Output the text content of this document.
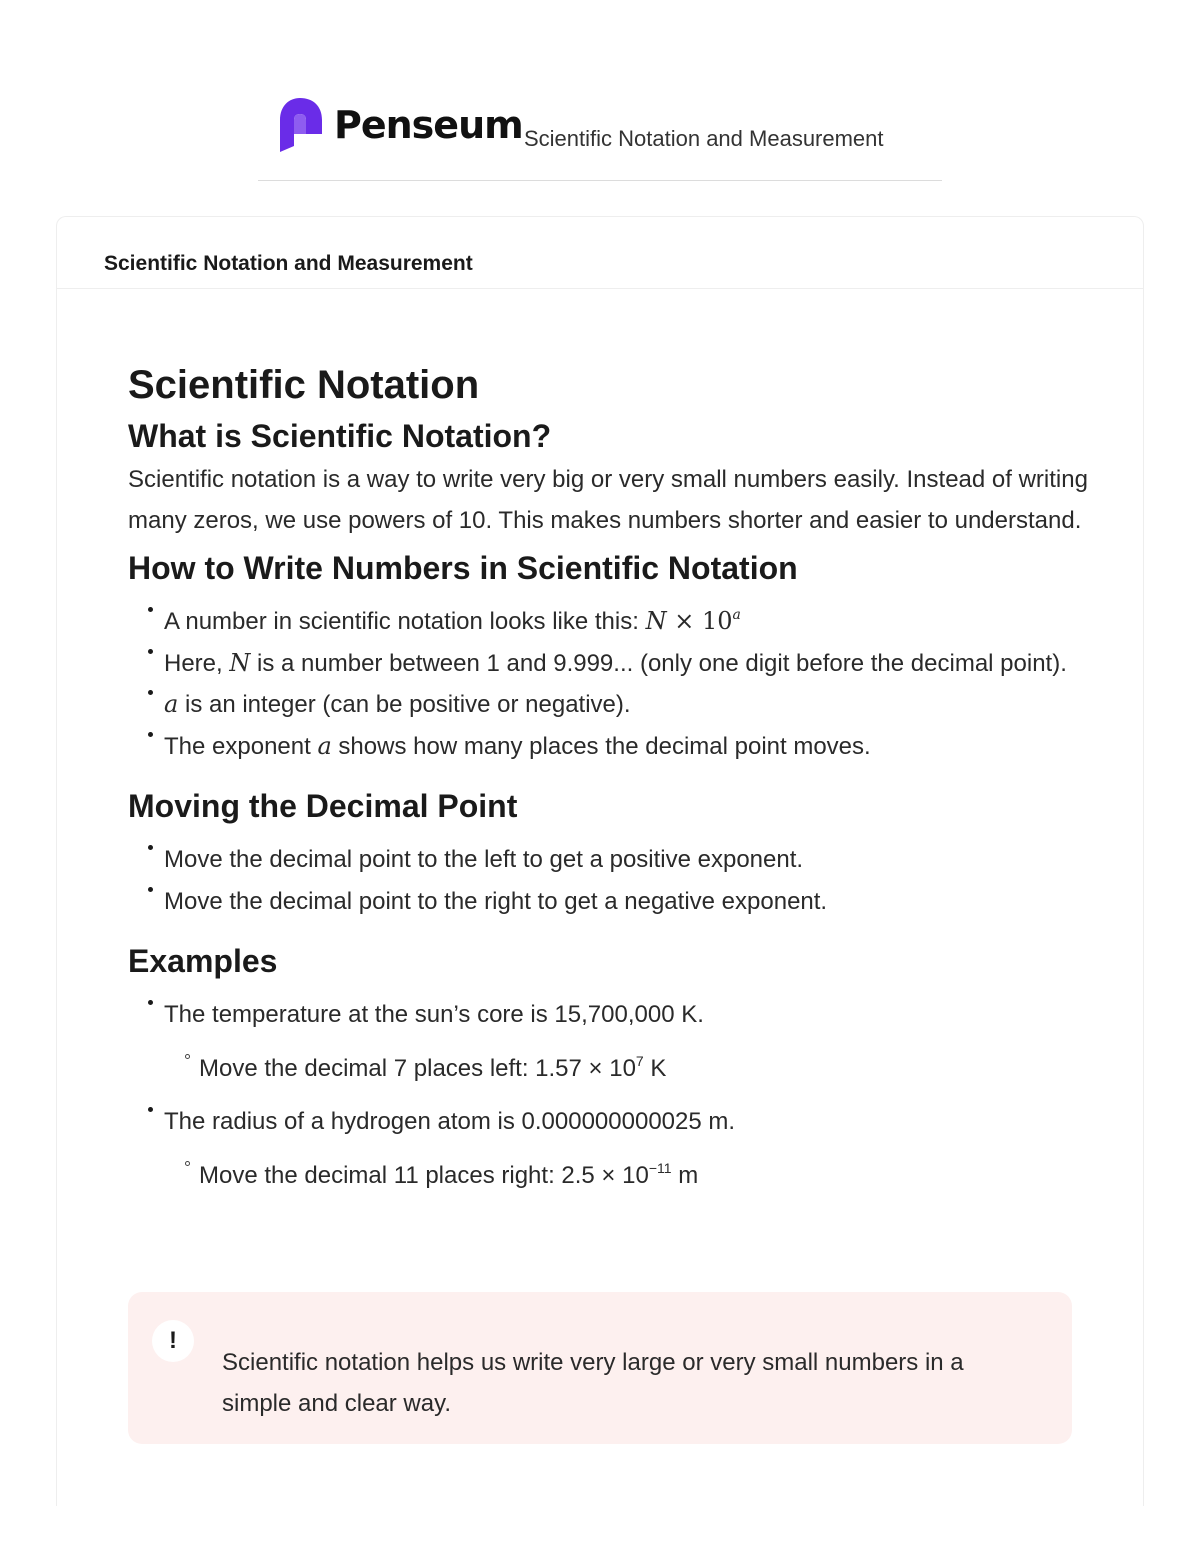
Penseum Scientific Notation and Measurement
Scientific Notation and Measurement
Scientific Notation
What is Scientific Notation?

Scientific notation is a way to write very big or very small numbers easily. Instead of writing many zeros, we use powers of 10. This makes numbers shorter and easier to understand.

How to Write Numbers in Scientific Notation
A number in scientific notation looks like this: $N \times 10^a$
Here, N is a number between 1 and 9.999... (only one digit before the decimal point).
a is an integer (can be positive or negative).
The exponent a shows how many places the decimal point moves.
Moving the Decimal Point
Move the decimal point to the left to get a positive exponent.
Move the decimal point to the right to get a negative exponent.
Examples
The temperature at the sun’s core is 15,700,000 K.
Move the decimal 7 places left: $1.57 \times 10^7$ K
The radius of a hydrogen atom is 0.000000000025 m.
Move the decimal 11 places right: $2.5 \times 10^{-11}$ m
!
Scientific notation helps us write very large or very small numbers in a simple and clear way.
